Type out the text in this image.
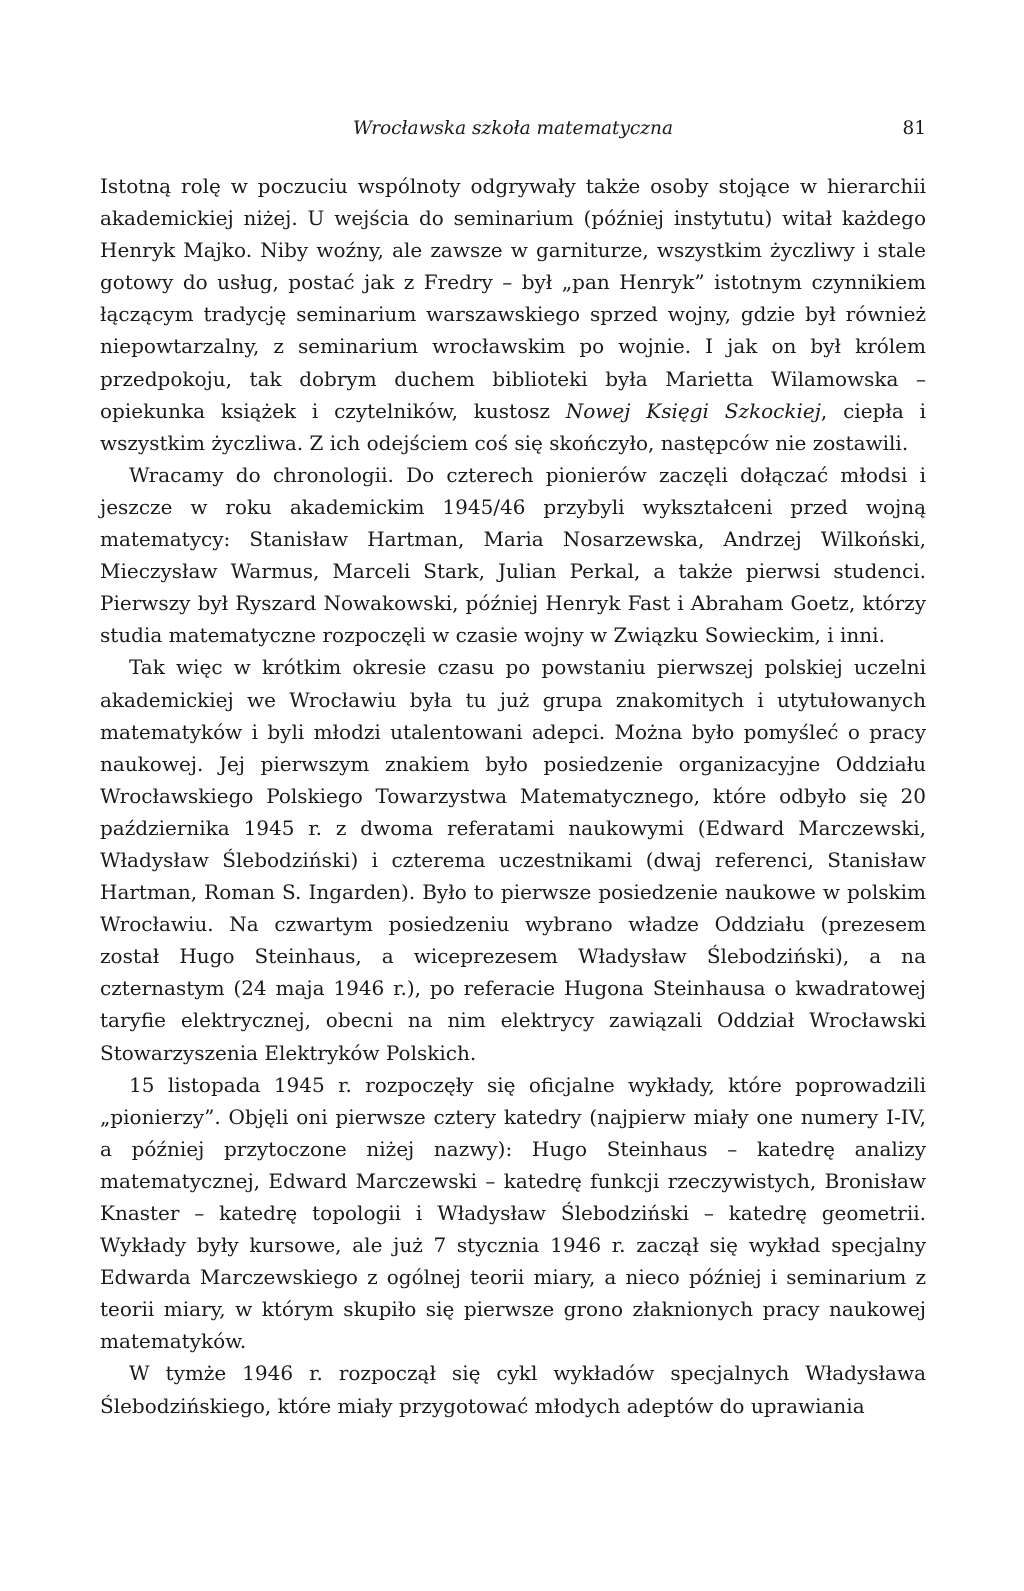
Wrocławska szkoła matematyczna	81

Istotną rolę w poczuciu wspólnoty odgrywały także osoby stojące w hierarchii akademickiej niżej. U wejścia do seminarium (później instytutu) witał każdego Henryk Majko. Niby woźny, ale zawsze w garniturze, wszystkim życzliwy i stale gotowy do usług, postać jak z Fredry – był „pan Henryk” istotnym czynnikiem łączącym tradycję seminarium warszawskiego sprzed wojny, gdzie był również niepowtarzalny, z seminarium wrocławskim po wojnie. I jak on był królem przedpokoju, tak dobrym duchem biblioteki była Marietta Wilamowska – opiekunka książek i czytelników, kustosz Nowej Księgi Szkockiej, ciepła i wszystkim życzliwa. Z ich odejściem coś się skończyło, następców nie zostawili.

Wracamy do chronologii. Do czterech pionierów zaczęli dołączać młodsi i jeszcze w roku akademickim 1945/46 przybyli wykształceni przed wojną matematycy: Stanisław Hartman, Maria Nosarzewska, Andrzej Wilkoński, Mieczysław Warmus, Marceli Stark, Julian Perkal, a także pierwsi studenci. Pierwszy był Ryszard Nowakowski, później Henryk Fast i Abraham Goetz, którzy studia matematyczne rozpoczęli w czasie wojny w Związku Sowieckim, i inni.

Tak więc w krótkim okresie czasu po powstaniu pierwszej polskiej uczelni akademickiej we Wrocławiu była tu już grupa znakomitych i utytułowanych matematyków i byli młodzi utalentowani adepci. Można było pomyśleć o pracy naukowej. Jej pierwszym znakiem było posiedzenie organizacyjne Oddziału Wrocławskiego Polskiego Towarzystwa Matematycznego, które odbyło się 20 października 1945 r. z dwoma referatami naukowymi (Edward Marczewski, Władysław Ślebodziński) i czterema uczestnikami (dwaj referenci, Stanisław Hartman, Roman S. Ingarden). Było to pierwsze posiedzenie naukowe w polskim Wrocławiu. Na czwartym posiedzeniu wybrano władze Oddziału (prezesem został Hugo Steinhaus, a wiceprezesem Władysław Ślebodziński), a na czternastym (24 maja 1946 r.), po referacie Hugona Steinhausa o kwadratowej taryfie elektrycznej, obecni na nim elektrycy zawiązali Oddział Wrocławski Stowarzyszenia Elektryków Polskich.

15 listopada 1945 r. rozpoczęły się oficjalne wykłady, które poprowadzili „pionierzy”. Objęli oni pierwsze cztery katedry (najpierw miały one numery I-IV, a później przytoczone niżej nazwy): Hugo Steinhaus – katedrę analizy matematycznej, Edward Marczewski – katedrę funkcji rzeczywistych, Bronisław Knaster – katedrę topologii i Władysław Ślebodziński – katedrę geometrii. Wykłady były kursowe, ale już 7 stycznia 1946 r. zaczął się wykład specjalny Edwarda Marczewskiego z ogólnej teorii miary, a nieco później i seminarium z teorii miary, w którym skupiło się pierwsze grono złaknionych pracy naukowej matematyków.

W tymże 1946 r. rozpoczął się cykl wykładów specjalnych Władysława Ślebodzińskiego, które miały przygotować młodych adeptów do uprawiania
